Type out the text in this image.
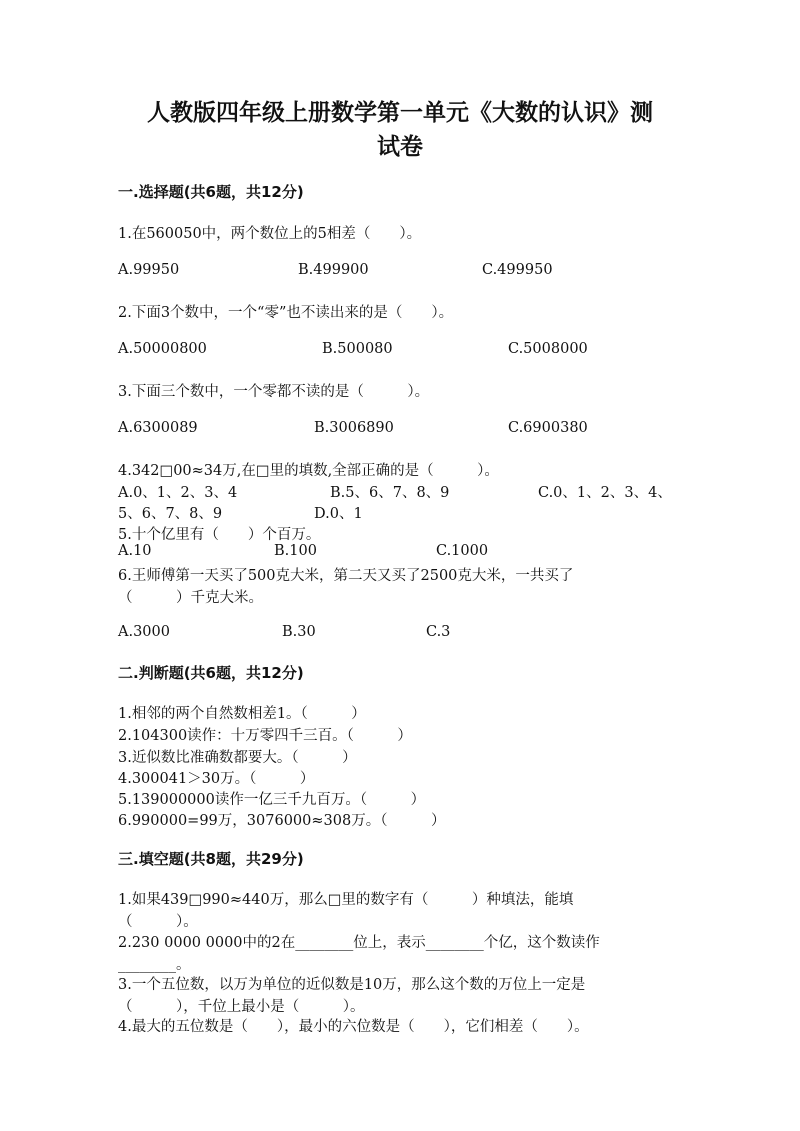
人教版四年级上册数学第一单元《大数的认识》测
试卷
一.选择题(共6题，共12分)
1.在560050中，两个数位上的5相差（　　）。
A.99950	B.499900	C.499950
2.下面3个数中，一个“零”也不读出来的是（　　）。
A.50000800	B.500080	C.5008000
3.下面三个数中，一个零都不读的是（　　　）。
A.6300089	B.3006890	C.6900380
4.342□00≈34万,在□里的填数,全部正确的是（　　　）。
A.0、1、2、3、4	B.5、6、7、8、9	C.0、1、2、3、4、
5、6、7、8、9	D.0、1
5.十个亿里有（　　）个百万。
A.10	B.100	C.1000
6.王师傅第一天买了500克大米，第二天又买了2500克大米，一共买了
（　　　）千克大米。
A.3000	B.30	C.3
二.判断题(共6题，共12分)
1.相邻的两个自然数相差1。（　　　）
2.104300读作：十万零四千三百。（　　　）
3.近似数比准确数都要大。（　　　）
4.300041＞30万。（　　　）
5.139000000读作一亿三千九百万。（　　　）
6.990000=99万，3076000≈308万。（　　　）
三.填空题(共8题，共29分)
1.如果439□990≈440万，那么□里的数字有（　　　）种填法，能填
（　　　）。
2.230 0000 0000中的2在________位上，表示________个亿，这个数读作
________。
3.一个五位数，以万为单位的近似数是10万，那么这个数的万位上一定是
（　　　），千位上最小是（　　　）。
4.最大的五位数是（　　），最小的六位数是（　　），它们相差（　　）。
